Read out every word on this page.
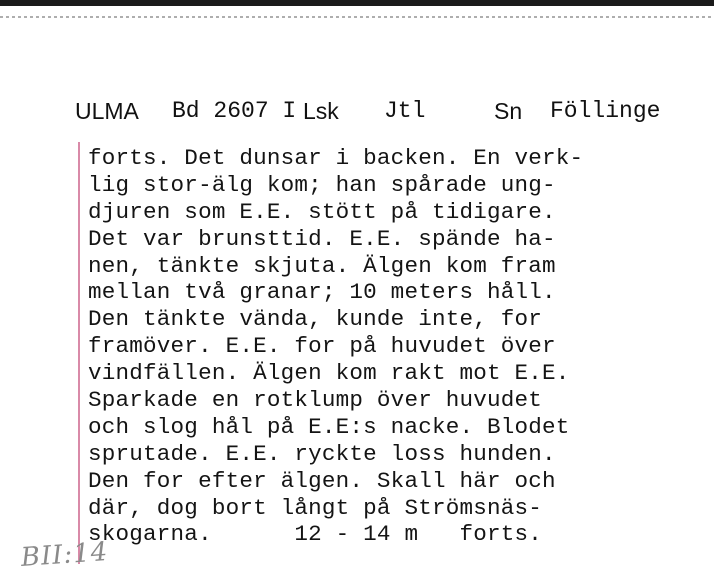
ULMA Bd 2607 I Lsk Jtl	Sn Föllinge
forts. Det dunsar i backen. En verk-
lig stor-älg kom; han spårade ung-
djuren som E.E. stött på tidigare.
Det var brunsttid. E.E. spände ha-
nen, tänkte skjuta. Älgen kom fram
mellan två granar; 10 meters håll.
Den tänkte vända, kunde inte, for
framöver. E.E. for på huvudet över
vindfällen. Älgen kom rakt mot E.E.
Sparkade en rotklump över huvudet
och slog hål på E.E:s nacke. Blodet
sprutade. E.E. ryckte loss hunden.
Den for efter älgen. Skall här och
där, dog bort långt på Strömsnäs-
skogarna.      12 - 14 m   forts.
BII:14
